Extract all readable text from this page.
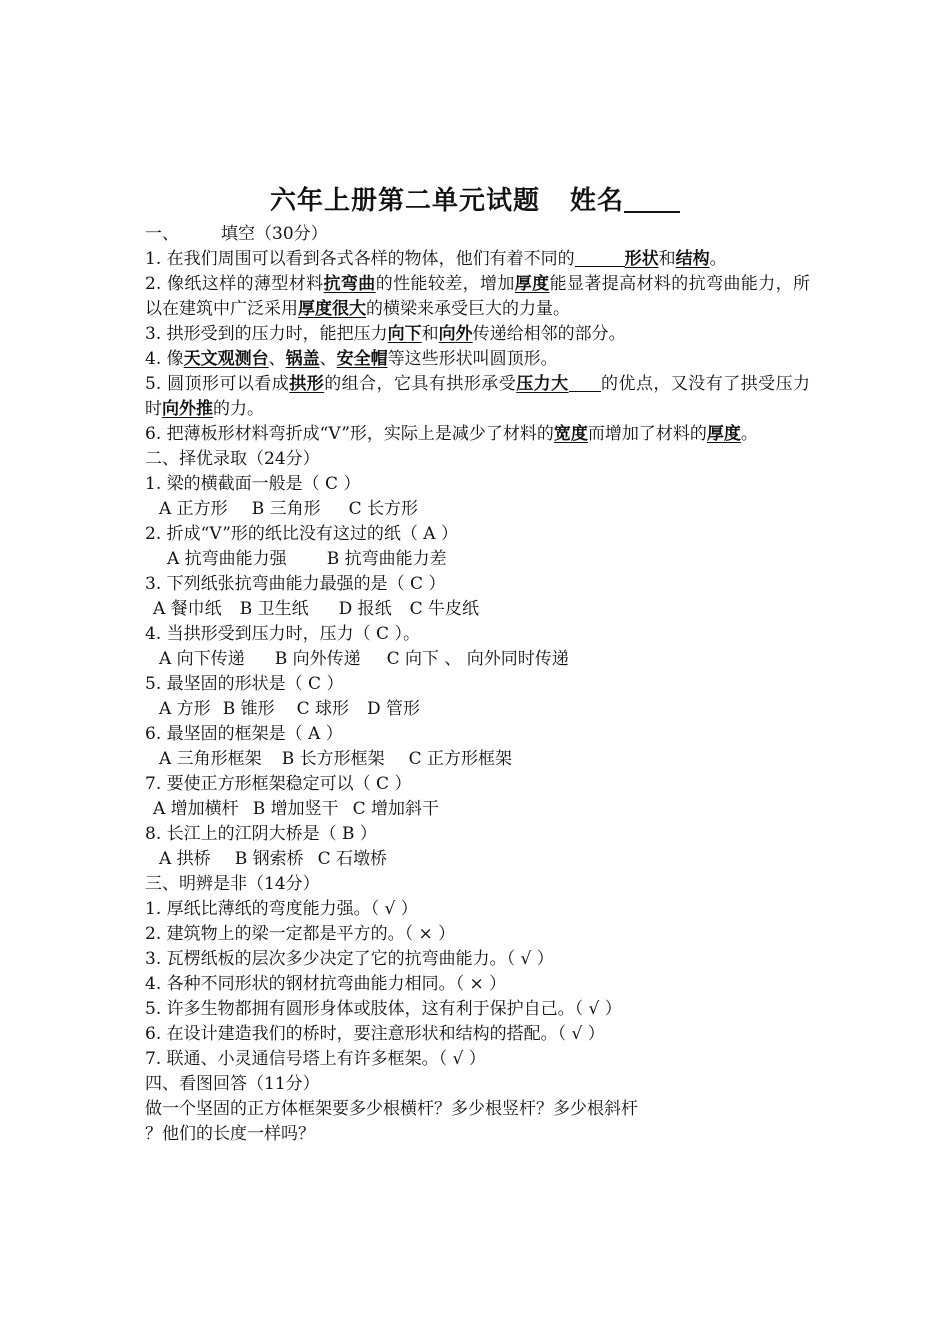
六年上册第二单元试题 姓名
一、 填空（30分）
1. 在我们周围可以看到各式各样的物体，他们有着不同的	形状和结构。
2. 像纸这样的薄型材料抗弯曲的性能较差，增加厚度能显著提高材料的抗弯曲能力，所以在建筑中广泛采用厚度很大的横梁来承受巨大的力量。
3. 拱形受到的压力时，能把压力向下和向外传递给相邻的部分。
4. 像天文观测台、锅盖、安全帽等这些形状叫圆顶形。
5. 圆顶形可以看成拱形的组合，它具有拱形承受压力大 的优点，又没有了拱受压力时向外推的力。
6. 把薄板形材料弯折成“V”形，实际上是减少了材料的宽度而增加了材料的厚度。
二、择优录取（24分）
1. 梁的横截面一般是（ C ）
A 正方形 B 三角形 C 长方形
2. 折成“V”形的纸比没有这过的纸（ A ）
A 抗弯曲能力强 B 抗弯曲能力差
3. 下列纸张抗弯曲能力最强的是（ C ）
A 餐巾纸 B 卫生纸 D 报纸 C 牛皮纸
4. 当拱形受到压力时，压力（ C ）。
A 向下传递 B 向外传递 C 向下 、 向外同时传递
5. 最坚固的形状是（ C ）
A 方形 B 锥形 C 球形 D 管形
6. 最坚固的框架是（ A ）
A 三角形框架 B 长方形框架 C 正方形框架
7. 要使正方形框架稳定可以（ C ）
A 增加横杆 B 增加竖干 C 增加斜干
8. 长江上的江阴大桥是（ B ）
A 拱桥 B 钢索桥 C 石墩桥
三、明辨是非（14分）
1. 厚纸比薄纸的弯度能力强。（ √ ）
2. 建筑物上的梁一定都是平方的。（ × ）
3. 瓦楞纸板的层次多少决定了它的抗弯曲能力。（ √ ）
4. 各种不同形状的钢材抗弯曲能力相同。（ × ）
5. 许多生物都拥有圆形身体或肢体，这有利于保护自己。（ √ ）
6. 在设计建造我们的桥时，要注意形状和结构的搭配。（ √ ）
7. 联通、小灵通信号塔上有许多框架。（ √ ）
四、看图回答（11分）
做一个坚固的正方体框架要多少根横杆？多少根竖杆？多少根斜杆
？他们的长度一样吗？
